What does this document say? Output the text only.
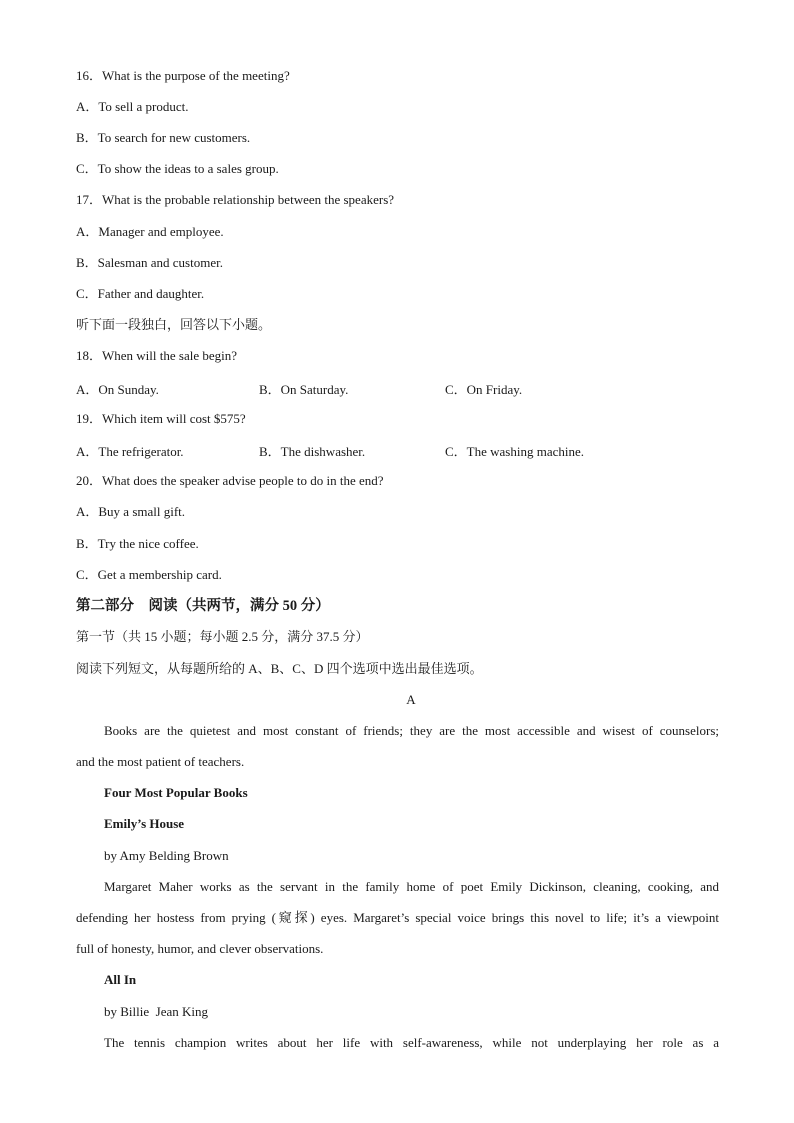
16．What is the purpose of the meeting?
A．To sell a product.
B．To search for new customers.
C．To show the ideas to a sales group.
17．What is the probable relationship between the speakers?
A．Manager and employee.
B．Salesman and customer.
C．Father and daughter.
听下面一段独白，回答以下小题。
18．When will the sale begin?
A．On Sunday.	B．On Saturday.	C．On Friday.
19．Which item will cost $575?
A．The refrigerator.	B．The dishwasher.	C．The washing machine.
20．What does the speaker advise people to do in the end?
A．Buy a small gift.
B．Try the nice coffee.
C．Get a membership card.
第二部分　阅读（共两节，满分 50 分）
第一节（共 15 小题；每小题 2.5 分，满分 37.5 分）
阅读下列短文，从每题所给的 A、B、C、D 四个选项中选出最佳选项。
A
Books are the quietest and most constant of friends; they are the most accessible and wisest of counselors;
and the most patient of teachers.
Four Most Popular Books
Emily’s House
by Amy Belding Brown
Margaret Maher works as the servant in the family home of poet Emily Dickinson, cleaning, cooking, and
defending her hostess from prying (窥探) eyes. Margaret’s special voice brings this novel to life; it’s a viewpoint
full of honesty, humor, and clever observations.
All In
by Billie  Jean King
The tennis champion writes about her life with self-awareness, while not underplaying her role as a
